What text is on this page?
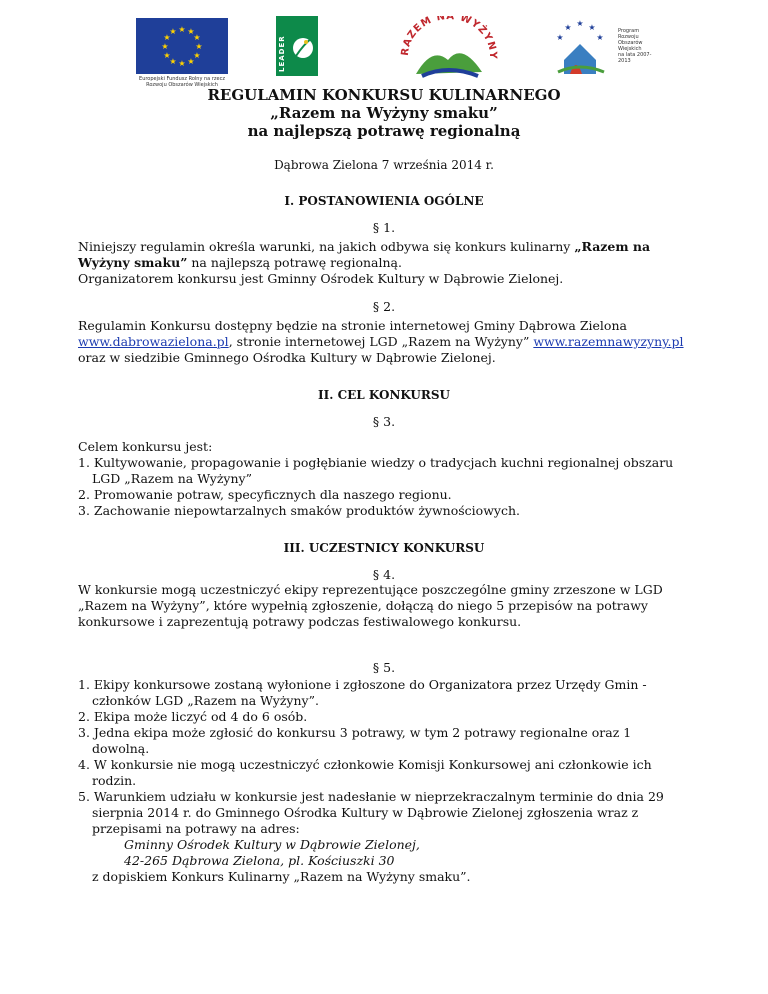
★ ★
★
★
★
★
★
★
★
★
★
★
Europejski Fundusz Rolny na rzecz
Rozwoju Obszarów Wiejskich
LEADER	RAZEM NA WYŻYNY
★ ★
★
★
★
Program
Rozwoju
Obszarów
Wiejskich
na lata 2007-2013
REGULAMIN KONKURSU KULINARNEGO
„Razem na Wyżyny smaku”
na najlepszą potrawę regionalną
Dąbrowa Zielona 7 września 2014 r.
I. POSTANOWIENIA OGÓLNE
§ 1.

Niniejszy regulamin określa warunki, na jakich odbywa się konkurs kulinarny „Razem na Wyżyny smaku” na najlepszą potrawę regionalną.

Organizatorem konkursu jest Gminny Ośrodek Kultury w Dąbrowie Zielonej.

§ 2.

Regulamin Konkursu dostępny będzie na stronie internetowej Gminy Dąbrowa Zielona
www.dabrowazielona.pl, stronie internetowej LGD „Razem na Wyżyny” www.razemnawyzyny.pl
oraz w siedzibie Gminnego Ośrodka Kultury w Dąbrowie Zielonej.

II. CEL KONKURSU
§ 3.

Celem konkursu jest:

1. Kultywowanie, propagowanie i pogłębianie wiedzy o tradycjach kuchni regionalnej obszaru LGD „Razem na Wyżyny”
2. Promowanie potraw, specyficznych dla naszego regionu.
3. Zachowanie niepowtarzalnych smaków produktów żywnościowych.
III. UCZESTNICY KONKURSU
§ 4.

W konkursie mogą uczestniczyć ekipy reprezentujące poszczególne gminy zrzeszone w LGD „Razem na Wyżyny”, które wypełnią zgłoszenie, dołączą do niego 5 przepisów na potrawy konkursowe i zaprezentują potrawy podczas festiwalowego konkursu.

§ 5.
1. Ekipy konkursowe zostaną wyłonione i zgłoszone do Organizatora przez Urzędy Gmin - członków LGD „Razem na Wyżyny”.
2. Ekipa może liczyć od 4 do 6 osób.
3. Jedna ekipa może zgłosić do konkursu 3 potrawy, w tym 2 potrawy regionalne oraz 1 dowolną.
4. W konkursie nie mogą uczestniczyć członkowie Komisji Konkursowej ani członkowie ich rodzin.
5. Warunkiem udziału w konkursie jest nadesłanie w nieprzekraczalnym terminie do dnia 29 sierpnia 2014 r. do Gminnego Ośrodka Kultury w Dąbrowie Zielonej zgłoszenia wraz z przepisami na potrawy na adres:
Gminny Ośrodek Kultury w Dąbrowie Zielonej,
42-265 Dąbrowa Zielona, pl. Kościuszki 30
z dopiskiem Konkurs Kulinarny „Razem na Wyżyny smaku”.
